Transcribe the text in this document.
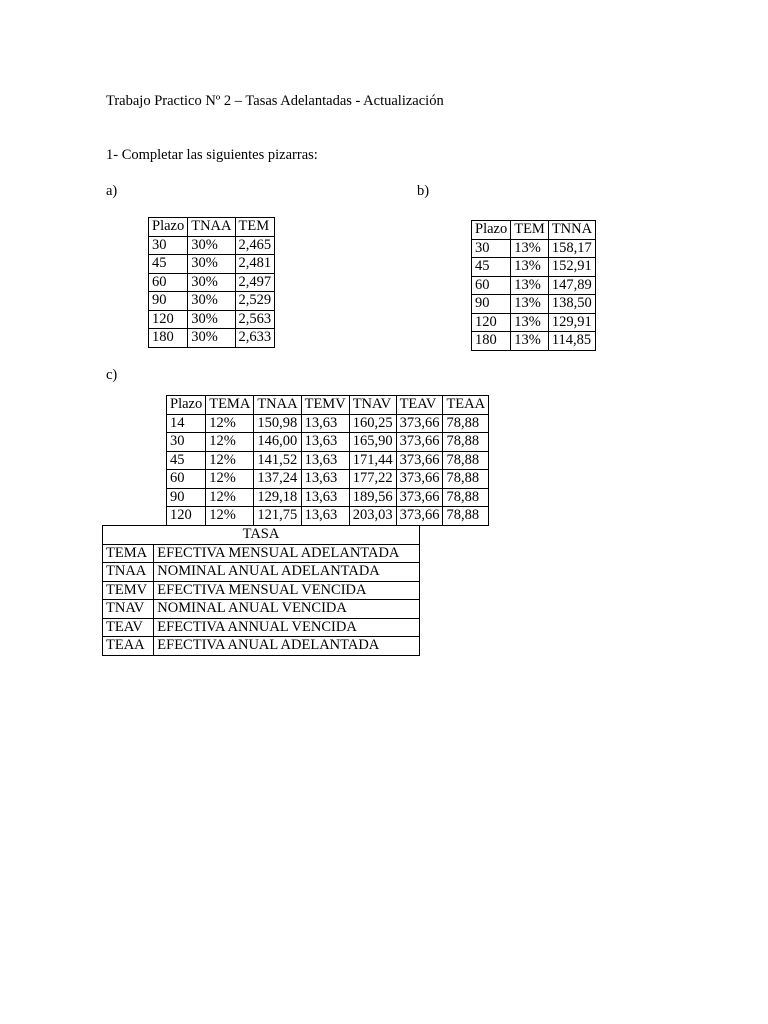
Trabajo Practico Nº 2 – Tasas Adelantadas - Actualización
1- Completar las siguientes pizarras:
a)	b)
Plazo	TNAA	TEM
30	30%	2,465
45	30%	2,481
60	30%	2,497
90	30%	2,529
120	30%	2,563
180	30%	2,633
Plazo	TEM	TNNA
30	13%	158,17
45	13%	152,91
60	13%	147,89
90	13%	138,50
120	13%	129,91
180	13%	114,85
c)
Plazo	TEMA	TNAA	TEMV	TNAV	TEAV	TEAA
14	12%	150,98	13,63	160,25	373,66	78,88
30	12%	146,00	13,63	165,90	373,66	78,88
45	12%	141,52	13,63	171,44	373,66	78,88
60	12%	137,24	13,63	177,22	373,66	78,88
90	12%	129,18	13,63	189,56	373,66	78,88
120	12%	121,75	13,63	203,03	373,66	78,88
TASA	
TEMA	EFECTIVA MENSUAL ADELANTADA
TNAA	NOMINAL ANUAL ADELANTADA
TEMV	EFECTIVA MENSUAL VENCIDA
TNAV	NOMINAL ANUAL VENCIDA
TEAV	EFECTIVA ANNUAL VENCIDA
TEAA	EFECTIVA ANUAL ADELANTADA
